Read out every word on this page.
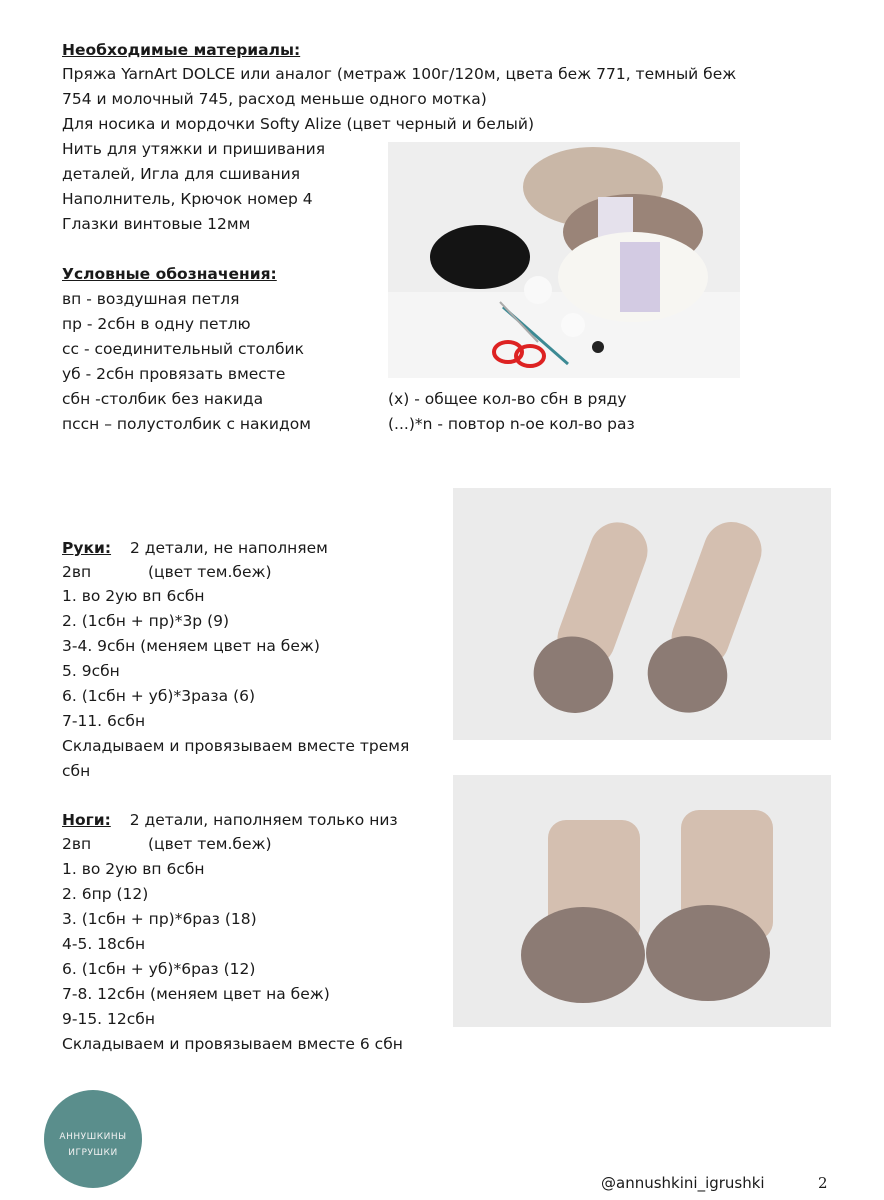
Необходимые материалы:
Пряжа YarnArt DOLCE или аналог (метраж 100г/120м, цвета беж 771, темный беж
754 и молочный 745, расход меньше одного мотка)
Для носика и мордочки Softy Alize (цвет черный и белый)
Нить для утяжки и пришивания
деталей, Игла для сшивания
Наполнитель, Крючок номер 4
Глазки винтовые 12мм
Условные обозначения:
вп - воздушная петля
пр - 2сбн в одну петлю
сс - соединительный столбик
уб - 2сбн провязать вместе
сбн -столбик без накида
пссн – полустолбик с накидом
(x) - общее кол-во сбн в ряду
(...)*n - повтор n-ое кол-во раз
Руки: 2 детали, не наполняем
2вп	(цвет тем.беж)
1. во 2ую вп 6сбн
2. (1сбн + пр)*3р (9)
3-4. 9сбн (меняем цвет на беж)
5. 9сбн
6. (1сбн + уб)*3раза (6)
7-11. 6сбн
Складываем и провязываем вместе тремя
сбн
Ноги: 2 детали, наполняем только низ
2вп	(цвет тем.беж)
1. во 2ую вп 6сбн
2. 6пр (12)
3. (1сбн + пр)*6раз (18)
4-5. 18сбн
6. (1сбн + уб)*6раз (12)
7-8. 12сбн (меняем цвет на беж)
9-15. 12сбн
Складываем и провязываем вместе 6 сбн
АННУШКИНЫ
ИГРУШКИ
@annushkini_igrushki	2
